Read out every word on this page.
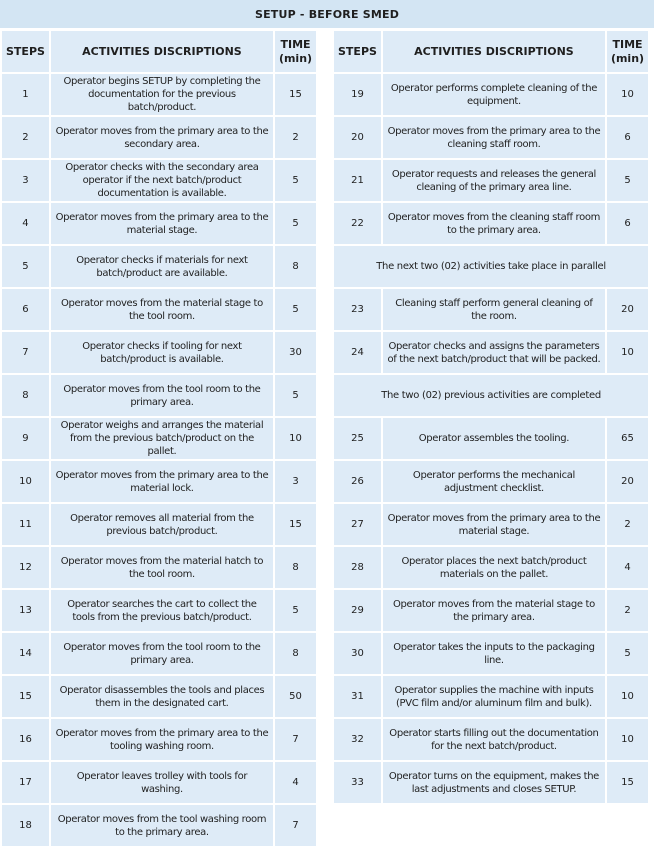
SETUP - BEFORE SMED
STEPS	ACTIVITIES DISCRIPTIONS	TIME (min)
1	Operator begins SETUP by completing the documentation for the previous batch/product.	15
2	Operator moves from the primary area to the secondary area.	2
3	Operator checks with the secondary area operator if the next batch/product documentation is available.	5
4	Operator moves from the primary area to the material stage.	5
5	Operator checks if materials for next batch/product are available.	8
6	Operator moves from the material stage to the tool room.	5
7	Operator checks if tooling for next batch/product is available.	30
8	Operator moves from the tool room to the primary area.	5
9	Operator weighs and arranges the material from the previous batch/product on the pallet.	10
10	Operator moves from the primary area to the material lock.	3
11	Operator removes all material from the previous batch/product.	15
12	Operator moves from the material hatch to the tool room.	8
13	Operator searches the cart to collect the tools from the previous batch/product.	5
14	Operator moves from the tool room to the primary area.	8
15	Operator disassembles the tools and places them in the designated cart.	50
16	Operator moves from the primary area to the tooling washing room.	7
17	Operator leaves trolley with tools for washing.	4
18	Operator moves from the tool washing room to the primary area.	7
STEPS	ACTIVITIES DISCRIPTIONS	TIME (min)
19	Operator performs complete cleaning of the equipment.	10
20	Operator moves from the primary area to the cleaning staff room.	6
21	Operator requests and releases the general cleaning of the primary area line.	5
22	Operator moves from the cleaning staff room to the primary area.	6
The next two (02) activities take place in parallel		
23	Cleaning staff perform general cleaning of the room.	20
24	Operator checks and assigns the parameters of the next batch/product that will be packed.	10
The two (02) previous activities are completed		
25	Operator assembles the tooling.	65
26	Operator performs the mechanical adjustment checklist.	20
27	Operator moves from the primary area to the material stage.	2
28	Operator places the next batch/product materials on the pallet.	4
29	Operator moves from the material stage to the primary area.	2
30	Operator takes the inputs to the packaging line.	5
31	Operator supplies the machine with inputs (PVC film and/or aluminum film and bulk).	10
32	Operator starts filling out the documentation for the next batch/product.	10
33	Operator turns on the equipment, makes the last adjustments and closes SETUP.	15
